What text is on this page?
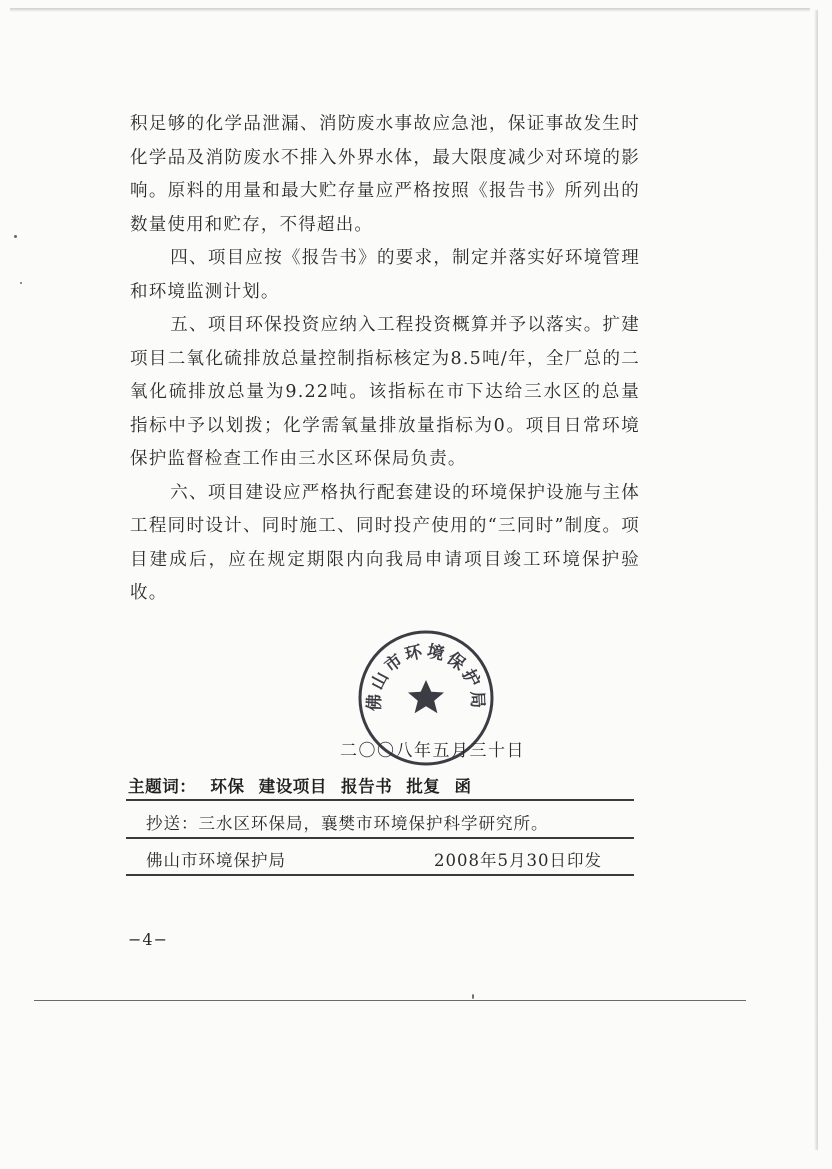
积足够的化学品泄漏、消防废水事故应急池，保证事故发生时化学品及消防废水不排入外界水体，最大限度减少对环境的影响。原料的用量和最大贮存量应严格按照《报告书》所列出的数量使用和贮存，不得超出。

四、项目应按《报告书》的要求，制定并落实好环境管理和环境监测计划。

五、项目环保投资应纳入工程投资概算并予以落实。扩建项目二氧化硫排放总量控制指标核定为8.5吨/年，全厂总的二氧化硫排放总量为9.22吨。该指标在市下达给三水区的总量指标中予以划拨；化学需氧量排放量指标为0。项目日常环境保护监督检查工作由三水区环保局负责。

六、项目建设应严格执行配套建设的环境保护设施与主体工程同时设计、同时施工、同时投产使用的“三同时”制度。项目建成后，应在规定期限内向我局申请项目竣工环境保护验收。

佛山市环境保护局
二〇〇八年五月三十日
主题词： 环保 建设项目 报告书 批复 函
抄送：三水区环保局，襄樊市环境保护科学研究所。
佛山市环境保护局	2008年5月30日印发
−4−
